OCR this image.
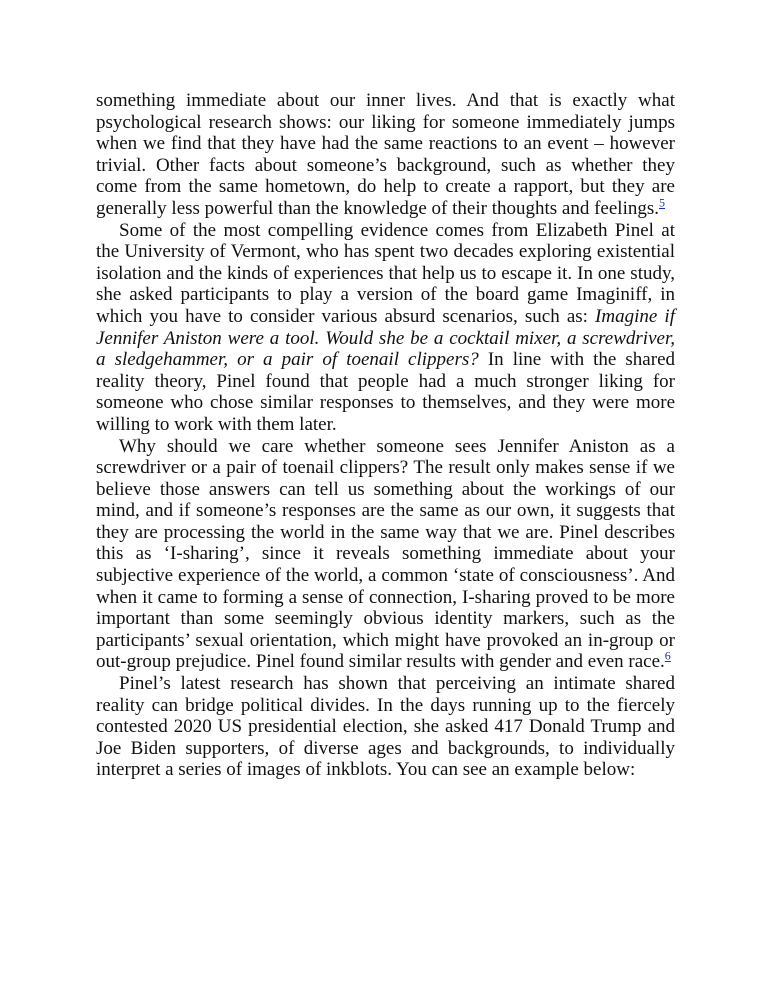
something immediate about our inner lives. And that is exactly what psychological research shows: our liking for someone immediately jumps when we find that they have had the same reactions to an event – however trivial. Other facts about someone’s background, such as whether they come from the same hometown, do help to create a rapport, but they are generally less powerful than the knowledge of their thoughts and feelings.$^5$

Some of the most compelling evidence comes from Elizabeth Pinel at the University of Vermont, who has spent two decades exploring existential isolation and the kinds of experiences that help us to escape it. In one study, she asked participants to play a version of the board game Imaginiff, in which you have to consider various absurd scenarios, such as: Imagine if Jennifer Aniston were a tool. Would she be a cocktail mixer, a screwdriver, a sledgehammer, or a pair of toenail clippers? In line with the shared reality theory, Pinel found that people had a much stronger liking for someone who chose similar responses to themselves, and they were more willing to work with them later.

Why should we care whether someone sees Jennifer Aniston as a screwdriver or a pair of toenail clippers? The result only makes sense if we believe those answers can tell us something about the workings of our mind, and if someone’s responses are the same as our own, it suggests that they are processing the world in the same way that we are. Pinel describes this as ‘I-sharing’, since it reveals something immediate about your subjective experience of the world, a common ‘state of consciousness’. And when it came to forming a sense of connection, I-sharing proved to be more important than some seemingly obvious identity markers, such as the participants’ sexual orientation, which might have provoked an in-group or out-group prejudice. Pinel found similar results with gender and even race.$^6$

Pinel’s latest research has shown that perceiving an intimate shared reality can bridge political divides. In the days running up to the fiercely contested 2020 US presidential election, she asked 417 Donald Trump and Joe Biden supporters, of diverse ages and backgrounds, to individually interpret a series of images of inkblots. You can see an example below:
